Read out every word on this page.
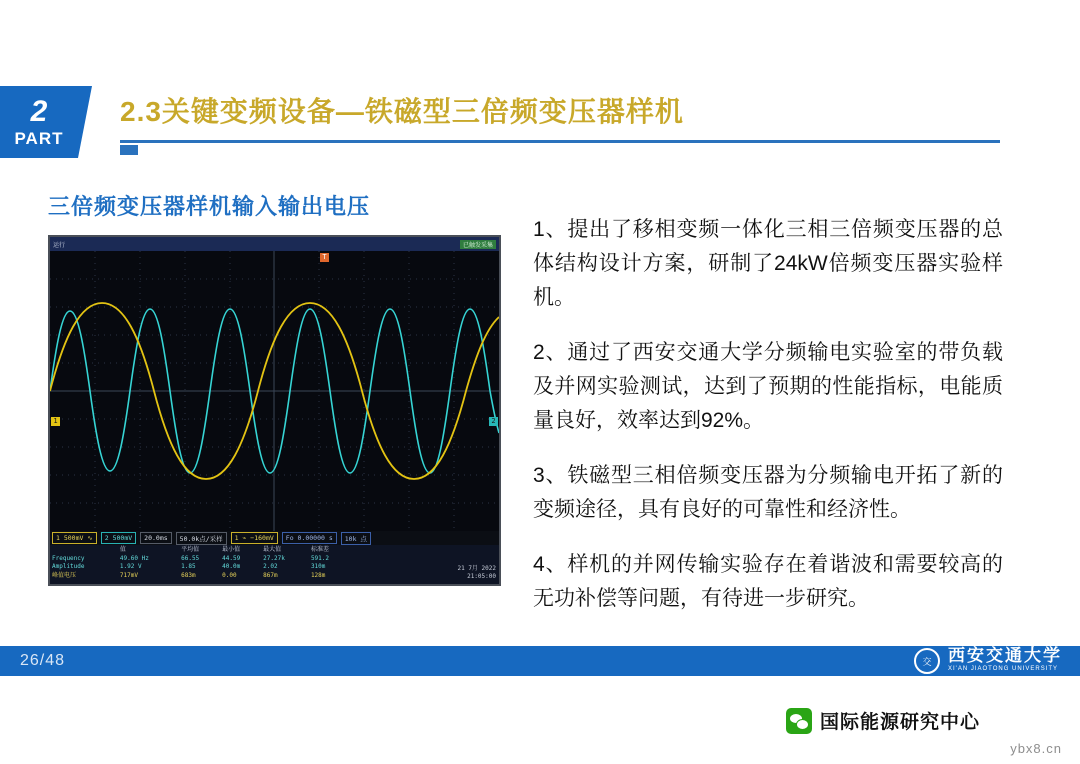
2
PART
2.3关键变频设备—铁磁型三倍频变压器样机
三倍频变压器样机输入输出电压
运行	已触发采集
1
T
2
1 500mV ∿	2 500mV	20.0ms	50.0k点/采样	1 ⌁ −160mV	Fo 0.00000 s	10k 点
	值	平均值	最小值	最大值	标准差
Frequency	49.60 Hz	66.55	44.59	27.27k	591.2
Amplitude	1.92 V	1.85	40.0m	2.02	310m
峰值电压	717mV	683m	0.00	867m	128m
21 7月 2022
21:05:00

1、提出了移相变频一体化三相三倍频变压器的总体结构设计方案，研制了24kW倍频变压器实验样机。

2、通过了西安交通大学分频输电实验室的带负载及并网实验测试，达到了预期的性能指标，电能质量良好，效率达到92%。

3、铁磁型三相倍频变压器为分频输电开拓了新的变频途径，具有良好的可靠性和经济性。

4、样机的并网传输实验存在着谐波和需要较高的无功补偿等问题，有待进一步研究。

26/48	交 西安交通大学
XI'AN JIAOTONG UNIVERSITY
国际能源研究中心
ybx8.cn
